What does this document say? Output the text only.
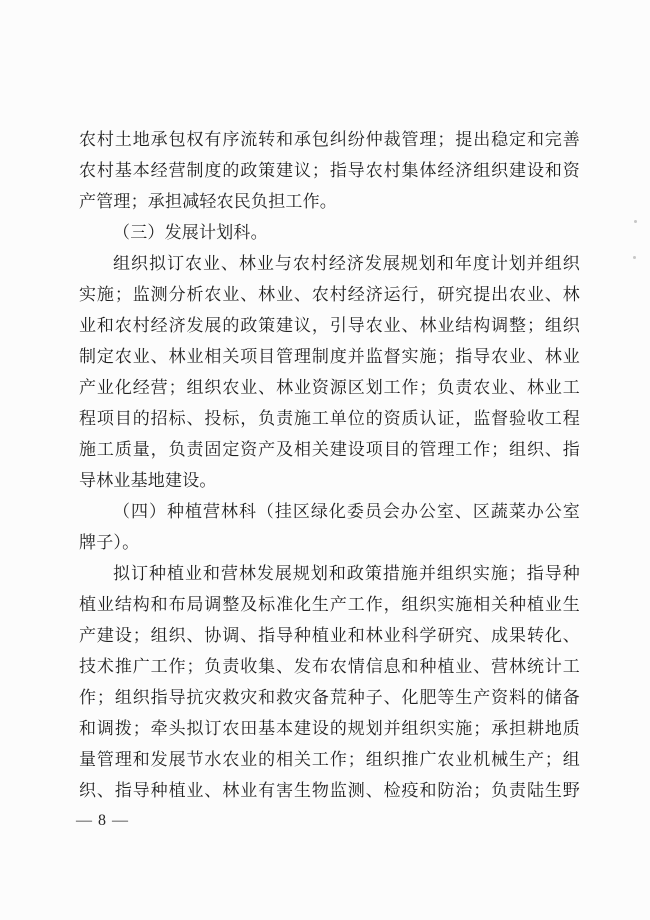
农村土地承包权有序流转和承包纠纷仲裁管理；提出稳定和完善
农村基本经营制度的政策建议；指导农村集体经济组织建设和资
产管理；承担减轻农民负担工作。
（三）发展计划科。
组织拟订农业、林业与农村经济发展规划和年度计划并组织
实施；监测分析农业、林业、农村经济运行，研究提出农业、林
业和农村经济发展的政策建议，引导农业、林业结构调整；组织
制定农业、林业相关项目管理制度并监督实施；指导农业、林业
产业化经营；组织农业、林业资源区划工作；负责农业、林业工
程项目的招标、投标，负责施工单位的资质认证，监督验收工程
施工质量，负责固定资产及相关建设项目的管理工作；组织、指
导林业基地建设。
（四）种植营林科（挂区绿化委员会办公室、区蔬菜办公室
牌子）。
拟订种植业和营林发展规划和政策措施并组织实施；指导种
植业结构和布局调整及标准化生产工作，组织实施相关种植业生
产建设；组织、协调、指导种植业和林业科学研究、成果转化、
技术推广工作；负责收集、发布农情信息和种植业、营林统计工
作；组织指导抗灾救灾和救灾备荒种子、化肥等生产资料的储备
和调拨；牵头拟订农田基本建设的规划并组织实施；承担耕地质
量管理和发展节水农业的相关工作；组织推广农业机械生产；组
织、指导种植业、林业有害生物监测、检疫和防治；负责陆生野
— 8 —
